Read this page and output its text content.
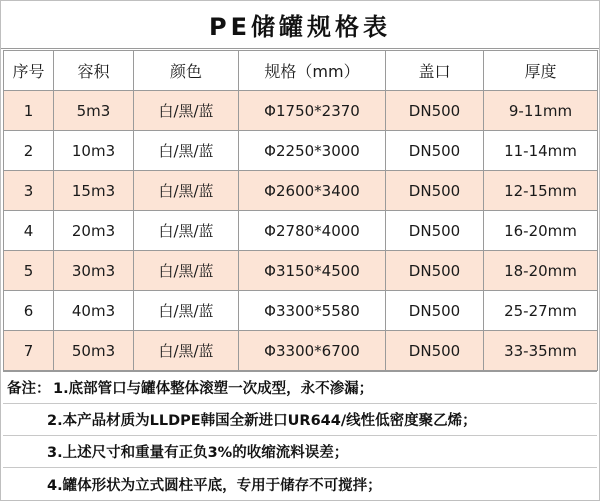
PE储罐规格表
序号	容积	颜色	规格（mm）	盖口	厚度
1	5m3	白/黑/蓝	Φ1750*2370	DN500	9-11mm
2	10m3	白/黑/蓝	Φ2250*3000	DN500	11-14mm
3	15m3	白/黑/蓝	Φ2600*3400	DN500	12-15mm
4	20m3	白/黑/蓝	Φ2780*4000	DN500	16-20mm
5	30m3	白/黑/蓝	Φ3150*4500	DN500	18-20mm
6	40m3	白/黑/蓝	Φ3300*5580	DN500	25-27mm
7	50m3	白/黑/蓝	Φ3300*6700	DN500	33-35mm
备注： 1.底部管口与罐体整体滚塑一次成型，永不渗漏；
2.本产品材质为LLDPE韩国全新进口UR644/线性低密度聚乙烯；
3.上述尺寸和重量有正负3%的收缩流料误差；
4.罐体形状为立式圆柱平底，专用于储存不可搅拌；
